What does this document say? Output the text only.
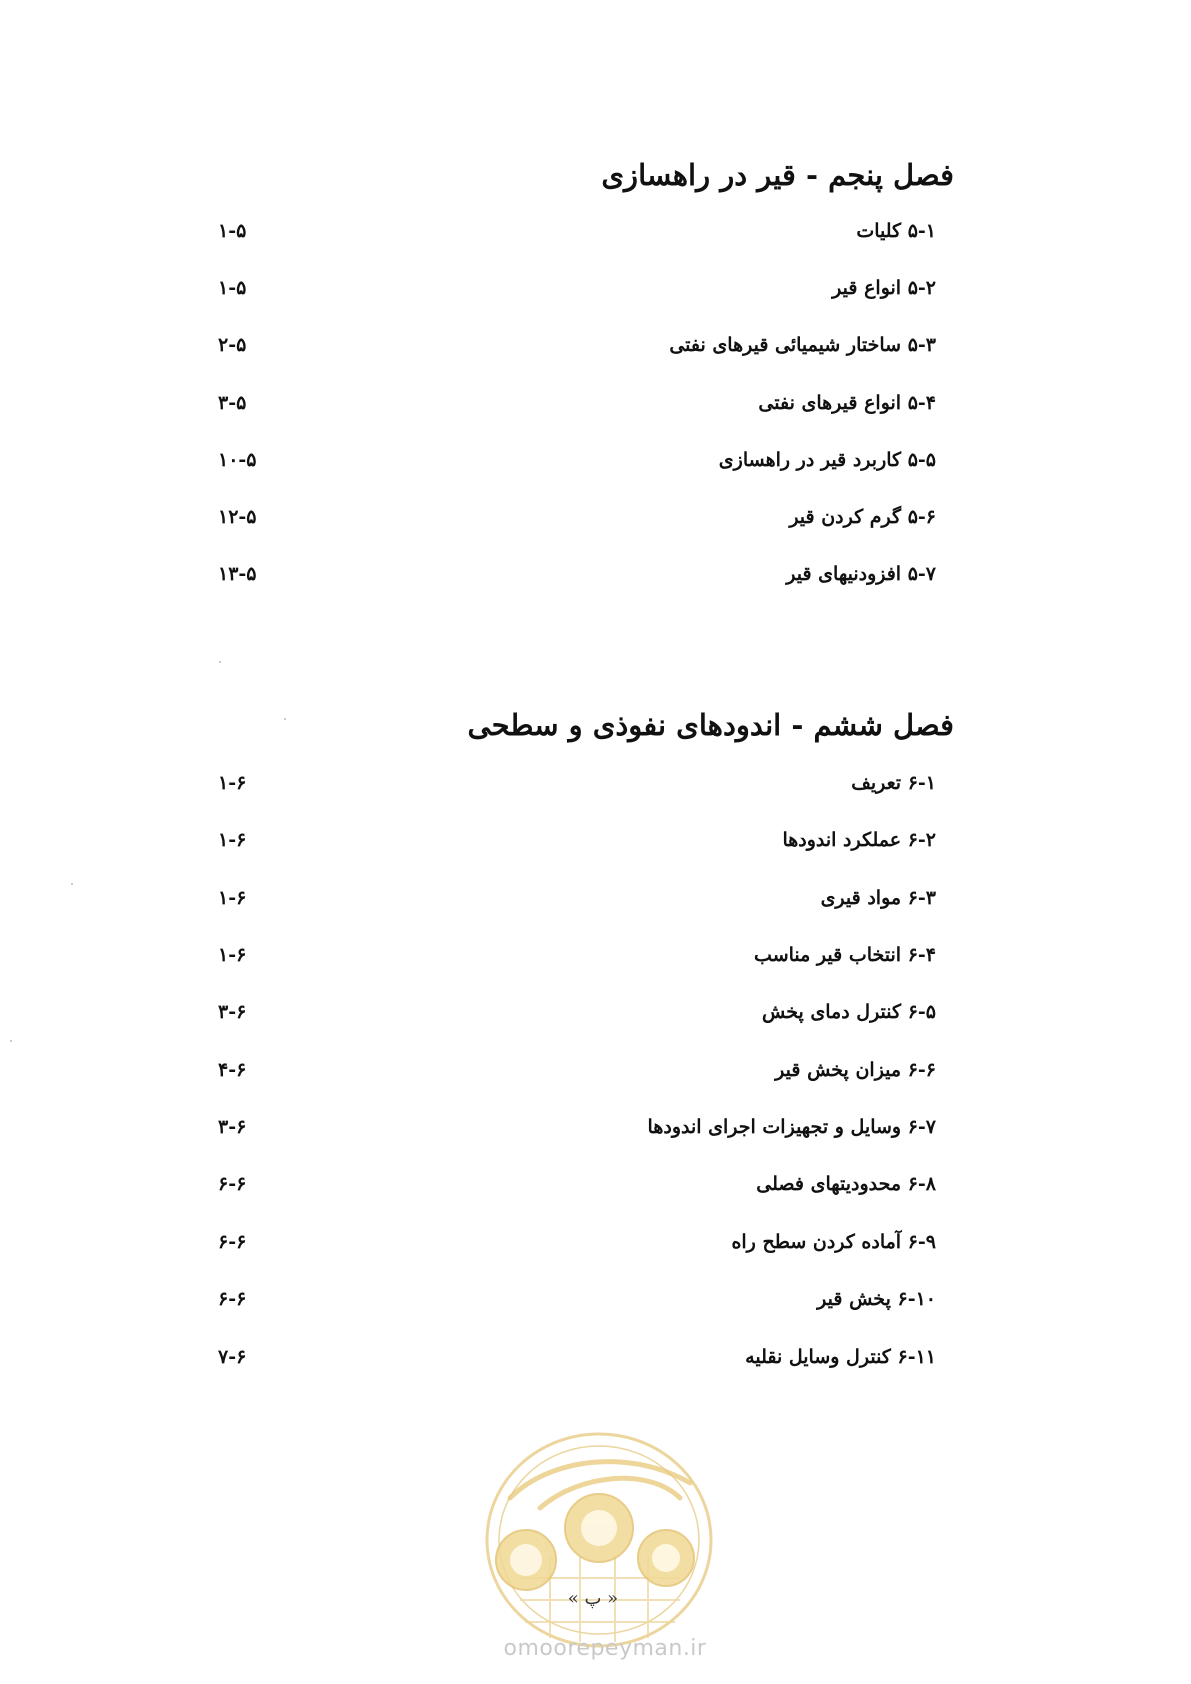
فصل پنجم - قیر در راهسازی
۵-۱ کلیات
۱-۵
۵-۲ انواع قیر
۱-۵
۵-۳ ساختار شیمیائی قیرهای نفتی
۲-۵
۵-۴ انواع قیرهای نفتی
۳-۵
۵-۵ کاربرد قیر در راهسازی
۱۰-۵
۵-۶ گرم کردن قیر
۱۲-۵
۵-۷ افزودنیهای قیر
۱۳-۵
فصل ششم - اندودهای نفوذی و سطحی
۶-۱ تعریف
۱-۶
۶-۲ عملکرد اندودها
۱-۶
۶-۳ مواد قیری
۱-۶
۶-۴ انتخاب قیر مناسب
۱-۶
۶-۵ کنترل دمای پخش
۳-۶
۶-۶ میزان پخش قیر
۴-۶
۶-۷ وسایل و تجهیزات اجرای اندودها
۳-۶
۶-۸ محدودیتهای فصلی
۶-۶
۶-۹ آماده کردن سطح راه
۶-۶
۶-۱۰ پخش قیر
۶-۶
۶-۱۱ کنترل وسایل نقلیه
۷-۶
« پ »
omoorepeyman.ir
